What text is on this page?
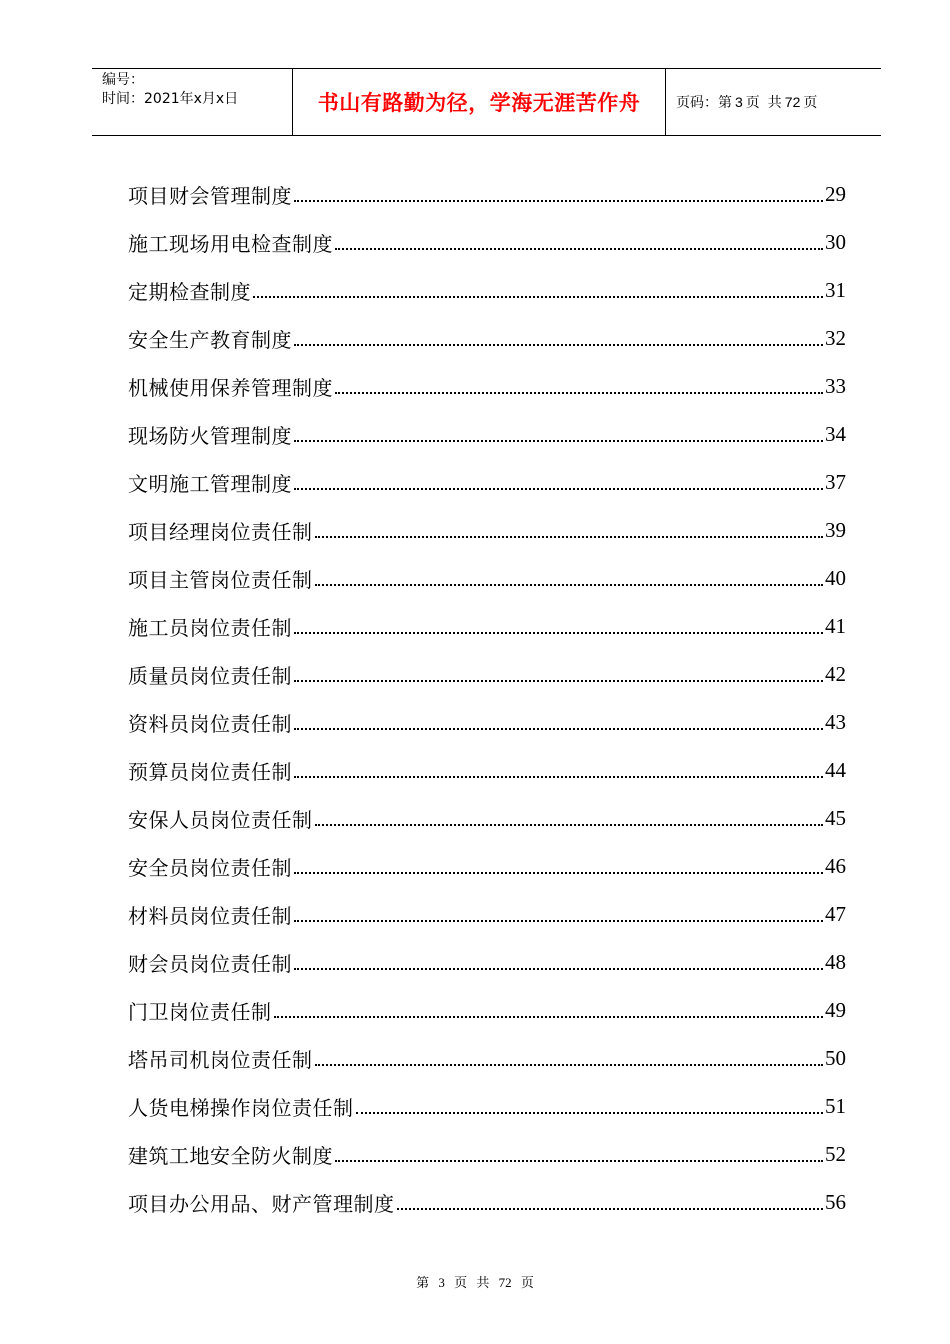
编号：
时间：2021年x月x日	书山有路勤为径，学海无涯苦作舟	页码：第 3 页 共 72 页
项目财会管理制度	29
施工现场用电检查制度	30
定期检查制度	31
安全生产教育制度	32
机械使用保养管理制度	33
现场防火管理制度	34
文明施工管理制度	37
项目经理岗位责任制	39
项目主管岗位责任制	40
施工员岗位责任制	41
质量员岗位责任制	42
资料员岗位责任制	43
预算员岗位责任制	44
安保人员岗位责任制	45
安全员岗位责任制	46
材料员岗位责任制	47
财会员岗位责任制	48
门卫岗位责任制	49
塔吊司机岗位责任制	50
人货电梯操作岗位责任制	51
建筑工地安全防火制度	52
项目办公用品、财产管理制度	56
第 3 页 共 72 页
